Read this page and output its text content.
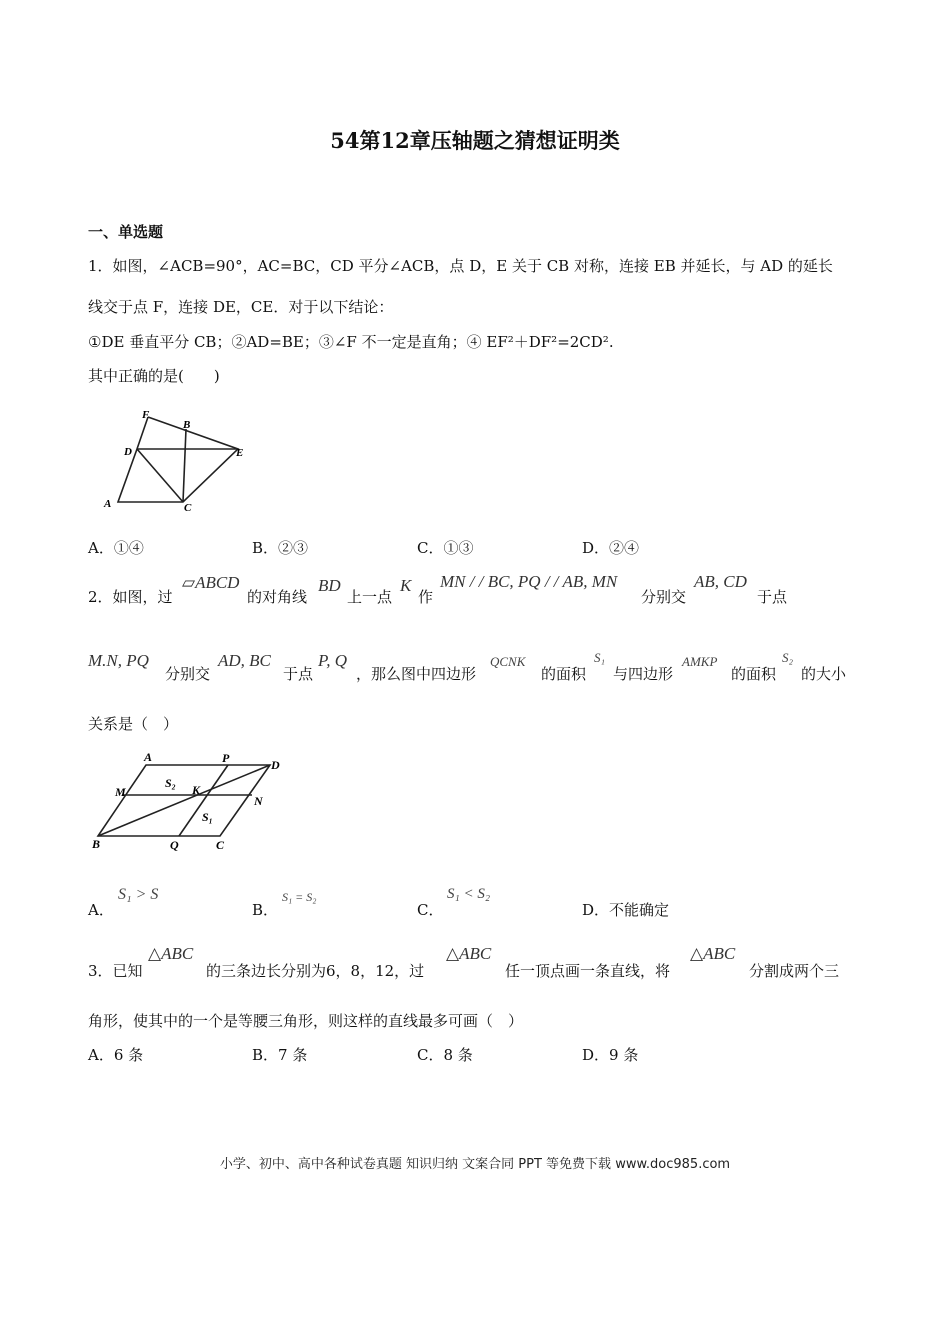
54第12章压轴题之猜想证明类
一、单选题
1．如图，∠ACB=90°，AC=BC，CD 平分∠ACB，点 D，E 关于 CB 对称，连接 EB 并延长，与 AD 的延长
线交于点 F，连接 DE，CE．对于以下结论：
①DE 垂直平分 CB；②AD=BE；③∠F 不一定是直角；④ EF²＋DF²=2CD².
其中正确的是(　　)
F
B
D	E
A	C
A．①④	B．②③	C．①③	D．②④
2．如图，过
▱ABCD
的对角线
BD
上一点
K
作
MN / / BC, PQ / / AB, MN
分别交
AB, CD
于点
M.N, PQ
分别交
AD, BC
于点
P, Q
，那么图中四边形
QCNK
的面积
S₁
与四边形
AMKP
的面积
S₂
的大小
关系是（　）
A	P	D
M
S₂ K
N
S₁
B	Q	C
A．
S₁ > S
B．
S₁ = S₂
C．
S₁ < S₂
D．不能确定
3．已知
△ABC
的三条边长分别为6，8，12，过
△ABC
任一顶点画一条直线，将
△ABC
分割成两个三
角形，使其中的一个是等腰三角形，则这样的直线最多可画（　）
A．6 条	B．7 条	C．8 条	D．9 条
小学、初中、高中各种试卷真题 知识归纳 文案合同 PPT 等免费下载 www.doc985.com
